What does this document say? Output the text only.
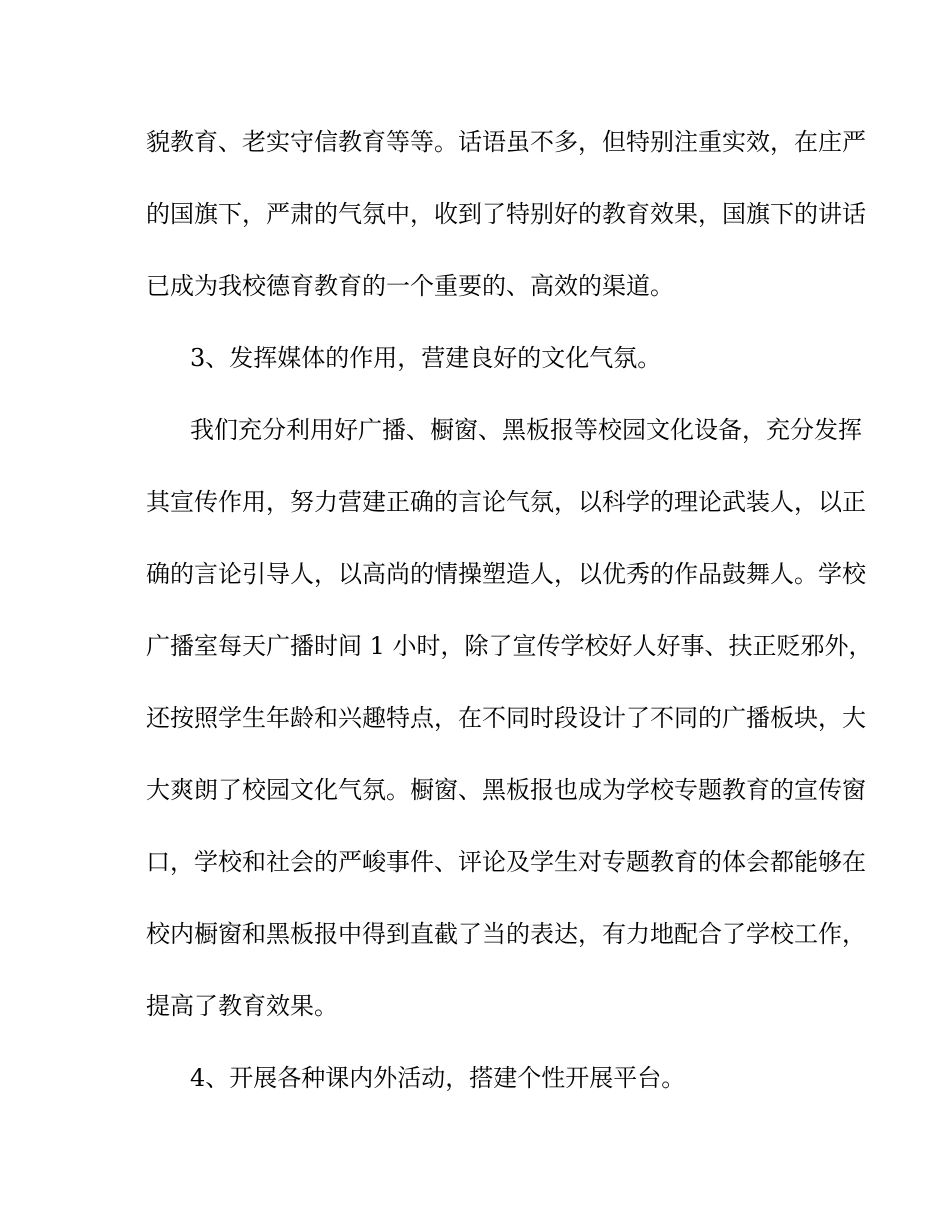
貌教育、老实守信教育等等。话语虽不多，但特别注重实效，在庄严
的国旗下，严肃的气氛中，收到了特别好的教育效果，国旗下的讲话
已成为我校德育教育的一个重要的、高效的渠道。
3、发挥媒体的作用，营建良好的文化气氛。
我们充分利用好广播、橱窗、黑板报等校园文化设备，充分发挥
其宣传作用，努力营建正确的言论气氛，以科学的理论武装人，以正
确的言论引导人，以高尚的情操塑造人，以优秀的作品鼓舞人。学校
广播室每天广播时间 1 小时，除了宣传学校好人好事、扶正贬邪外，
还按照学生年龄和兴趣特点，在不同时段设计了不同的广播板块，大
大爽朗了校园文化气氛。橱窗、黑板报也成为学校专题教育的宣传窗
口，学校和社会的严峻事件、评论及学生对专题教育的体会都能够在
校内橱窗和黑板报中得到直截了当的表达，有力地配合了学校工作，
提高了教育效果。
4、开展各种课内外活动，搭建个性开展平台。
